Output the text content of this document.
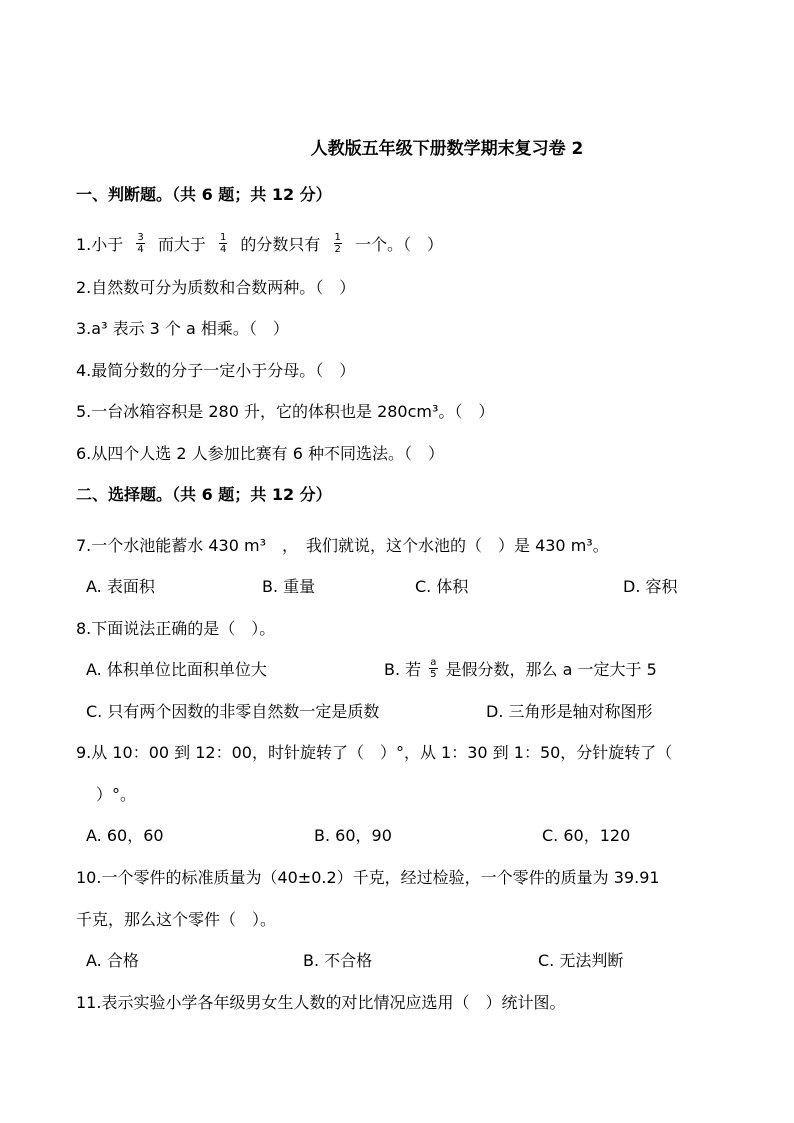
人教版五年级下册数学期末复习卷 2
一、判断题。（共 6 题；共 12 分）
1.小于 $\frac{3}{4}$ 而大于 $\frac{1}{4}$ 的分数只有 $\frac{1}{2}$ 一个。（　）
2.自然数可分为质数和合数两种。（　）
3.a³ 表示 3 个 a 相乘。（　）
4.最简分数的分子一定小于分母。（　）
5.一台冰箱容积是 280 升，它的体积也是 280cm³。（　）
6.从四个人选 2 人参加比赛有 6 种不同选法。（　）
二、选择题。（共 6 题；共 12 分）
7.一个水池能蓄水 430 m³　，　我们就说，这个水池的（　）是 430 m³。
A. 表面积	B. 重量	C. 体积	D. 容积
8.下面说法正确的是（　）。
A. 体积单位比面积单位大	B. 若 $\frac{a}{5}$ 是假分数，那么 a 一定大于 5
C. 只有两个因数的非零自然数一定是质数	D. 三角形是轴对称图形
9.从 10：00 到 12：00，时针旋转了（　）°，从 1：30 到 1：50，分针旋转了（
）°。
A. 60，60	B. 60，90	C. 60，120
10.一个零件的标准质量为（40±0.2）千克，经过检验，一个零件的质量为 39.91
千克，那么这个零件（　）。
A. 合格	B. 不合格	C. 无法判断
11.表示实验小学各年级男女生人数的对比情况应选用（　）统计图。
